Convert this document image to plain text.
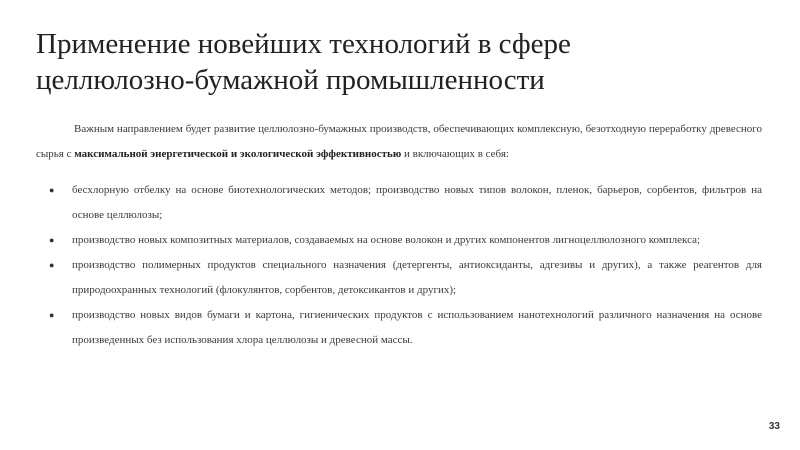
Применение новейших технологий в сфере
целлюлозно-бумажной промышленности

Важным направлением будет развитие целлюлозно-бумажных производств, обеспечивающих комплексную, безотходную переработку древесного сырья с максимальной энергетической и экологической эффективностью и включающих в себя:

● бесхлорную отбелку на основе биотехнологических методов; производство новых типов волокон, пленок, барьеров, сорбентов, фильтров на основе целлюлозы;
● производство новых композитных материалов, создаваемых на основе волокон и других компонентов лигноцеллюлозного комплекса;
● производство полимерных продуктов специального назначения (детергенты, антиоксиданты, адгезивы и других), а также реагентов для природоохранных технологий (флокулянтов, сорбентов, детоксикантов и других);
● производство новых видов бумаги и картона, гигиенических продуктов с использованием нанотехнологий различного назначения на основе произведенных без использования хлора целлюлозы и древесной массы.
33
